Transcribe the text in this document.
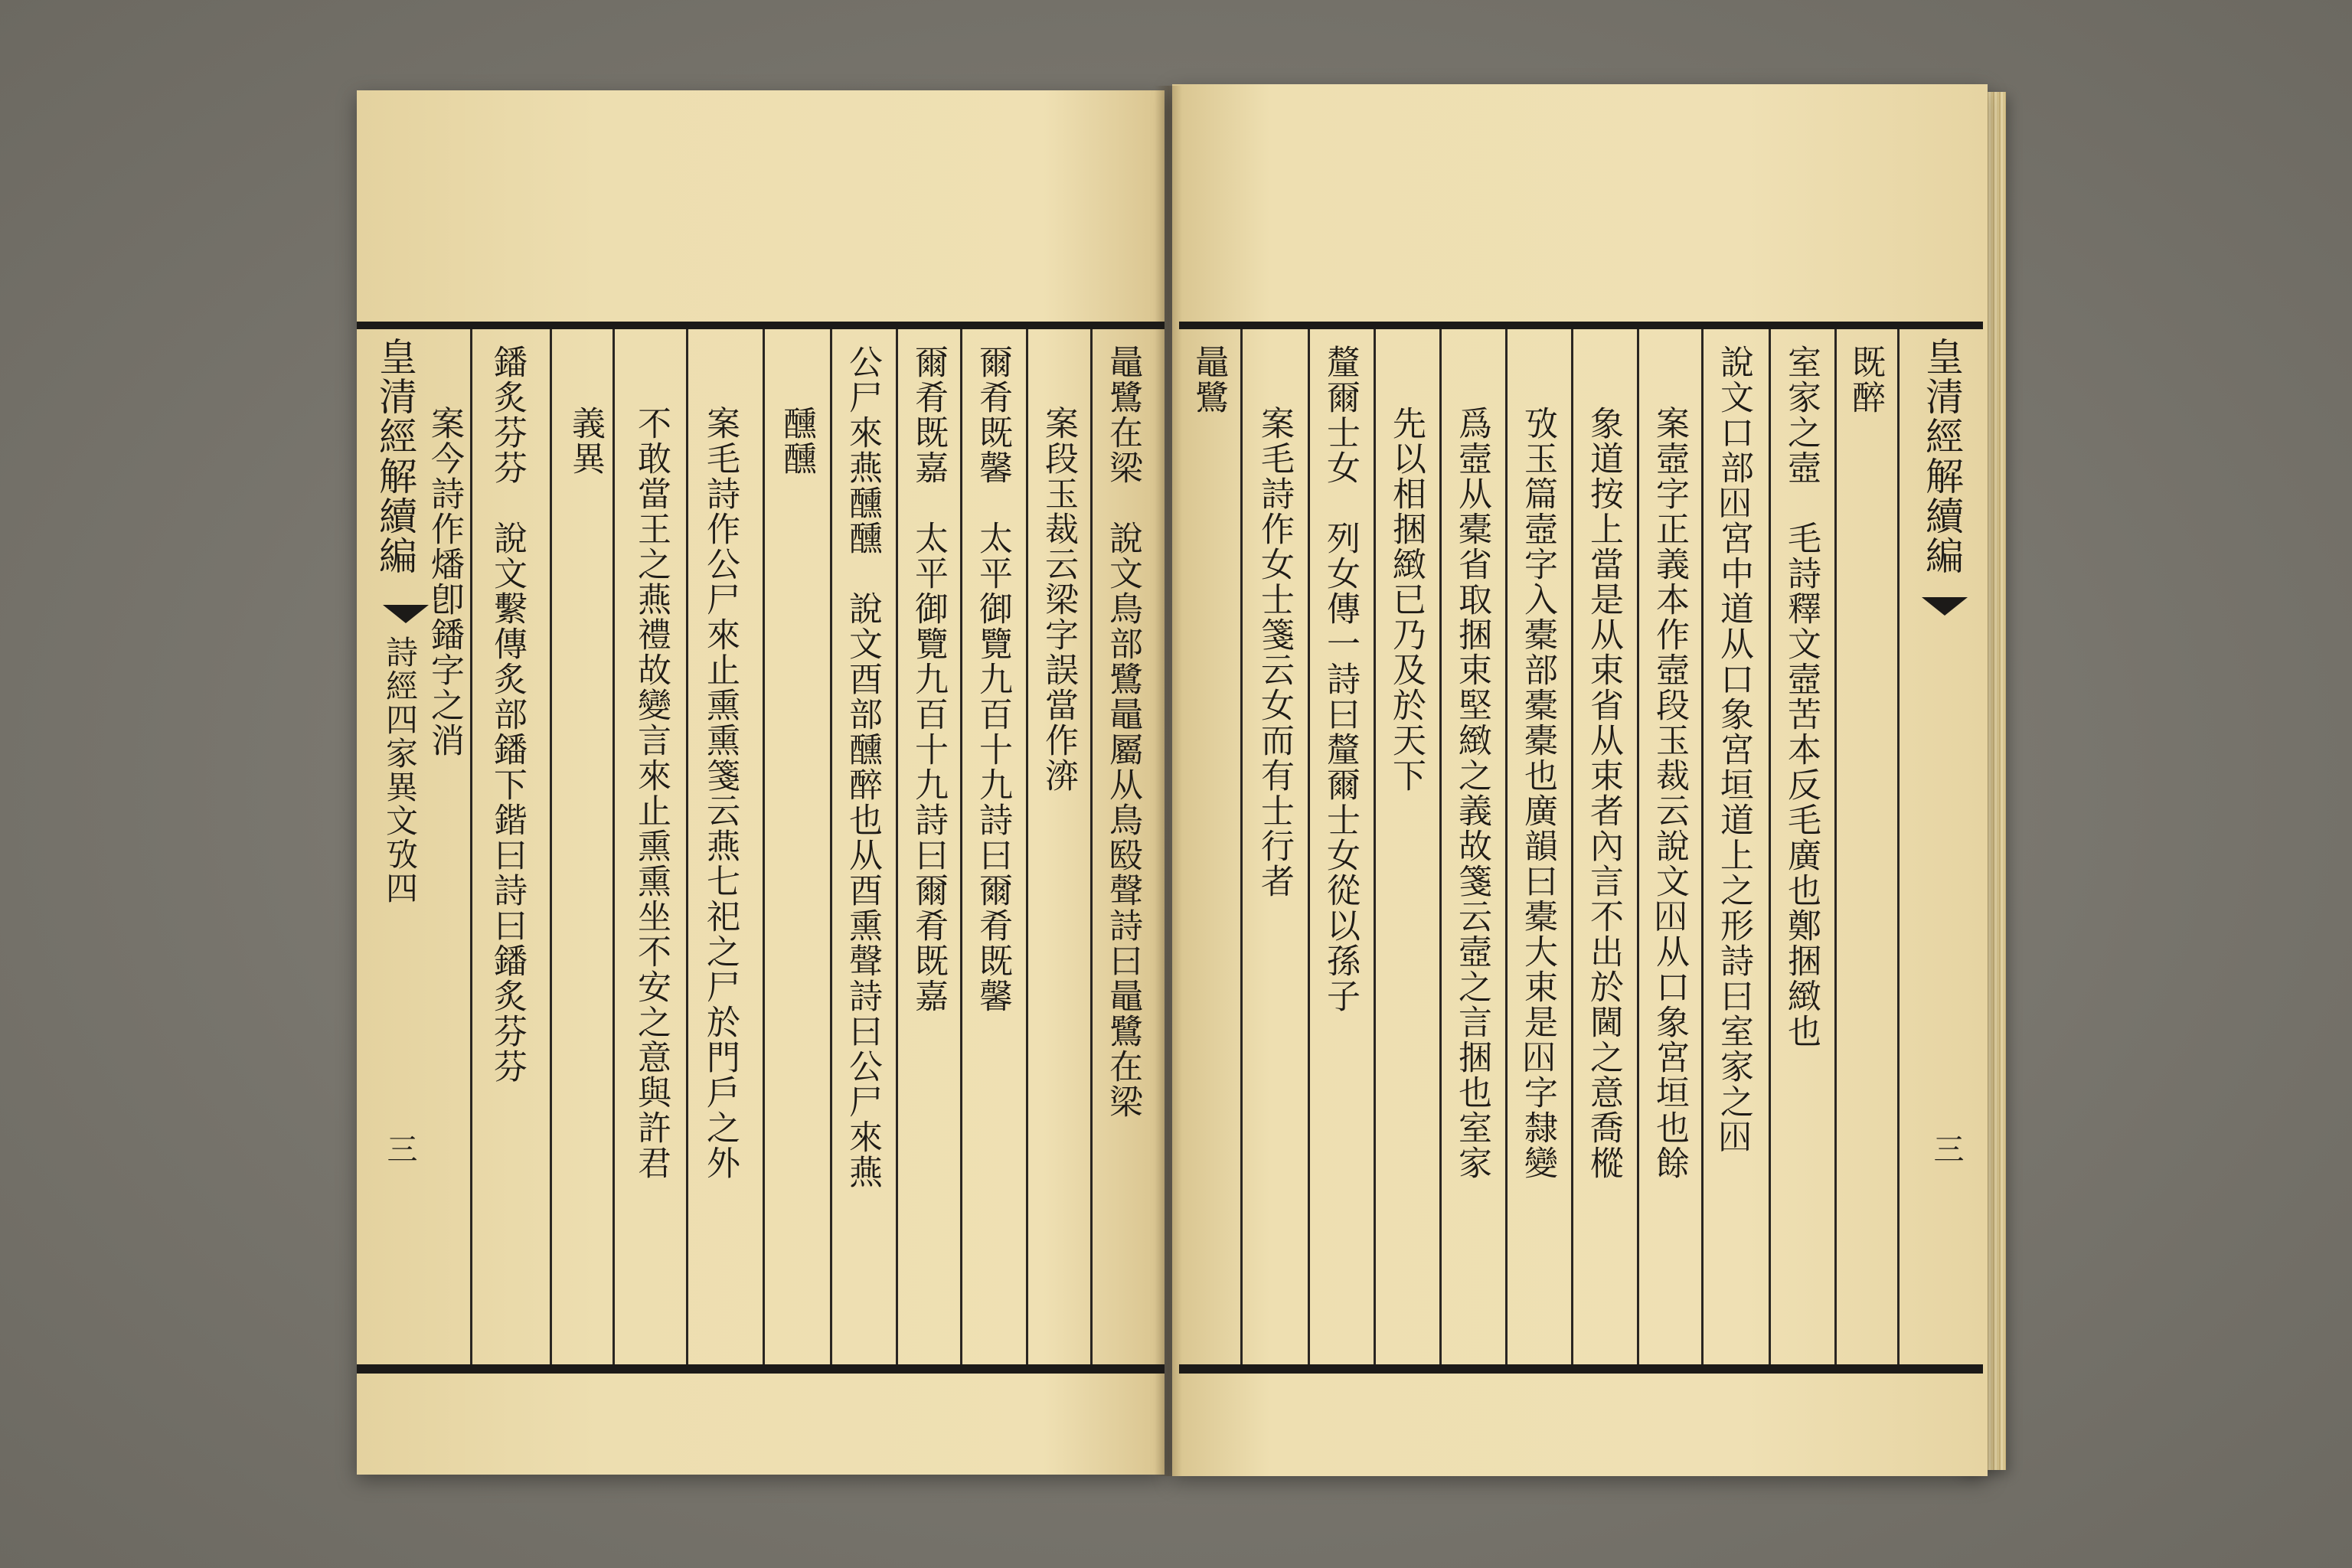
皇清經解續編
詩經四家異文攷四
三
鼂鷺在梁　說文鳥部鷺鼂屬从鳥殹聲詩曰鼂鷺在梁
案段玉裁云梁字誤當作㴒
爾肴既馨　太平御覽九百十九詩曰爾肴既馨
爾肴既嘉　太平御覽九百十九詩曰爾肴既嘉
公尸來燕醺醺　說文酉部醺醉也从酉熏聲詩曰公尸來燕
醺醺
案毛詩作公尸來止熏熏箋云燕七祀之尸於門戶之外
不敢當王之燕禮故變言來止熏熏坐不安之意與許君
義異
鐇炙芬芬　說文繫傳炙部鐇下鍇曰詩曰鐇炙芬芬
案今詩作燔卽鐇字之消	皇清經解續編
三
既醉
室家之壼　毛詩釋文壼苦本反毛廣也鄭捆緻也
說文口部𡆧宮中道从口象宮垣道上之形詩曰室家之𡆧
案壼字正義本作壼段玉裁云說文𡆧从口象宮垣也餘
象道按上當是从束省从束者內言不出於閫之意喬樅
攷玉篇壼字入橐部橐橐也廣韻曰橐大束是𡆧字隸變
爲壼从橐省取捆束堅緻之義故箋云壼之言捆也室家
先以相捆緻已乃及於天下
釐爾士女　列女傳一詩曰釐爾士女從以孫子
案毛詩作女士箋云女而有士行者
鼂鷺
